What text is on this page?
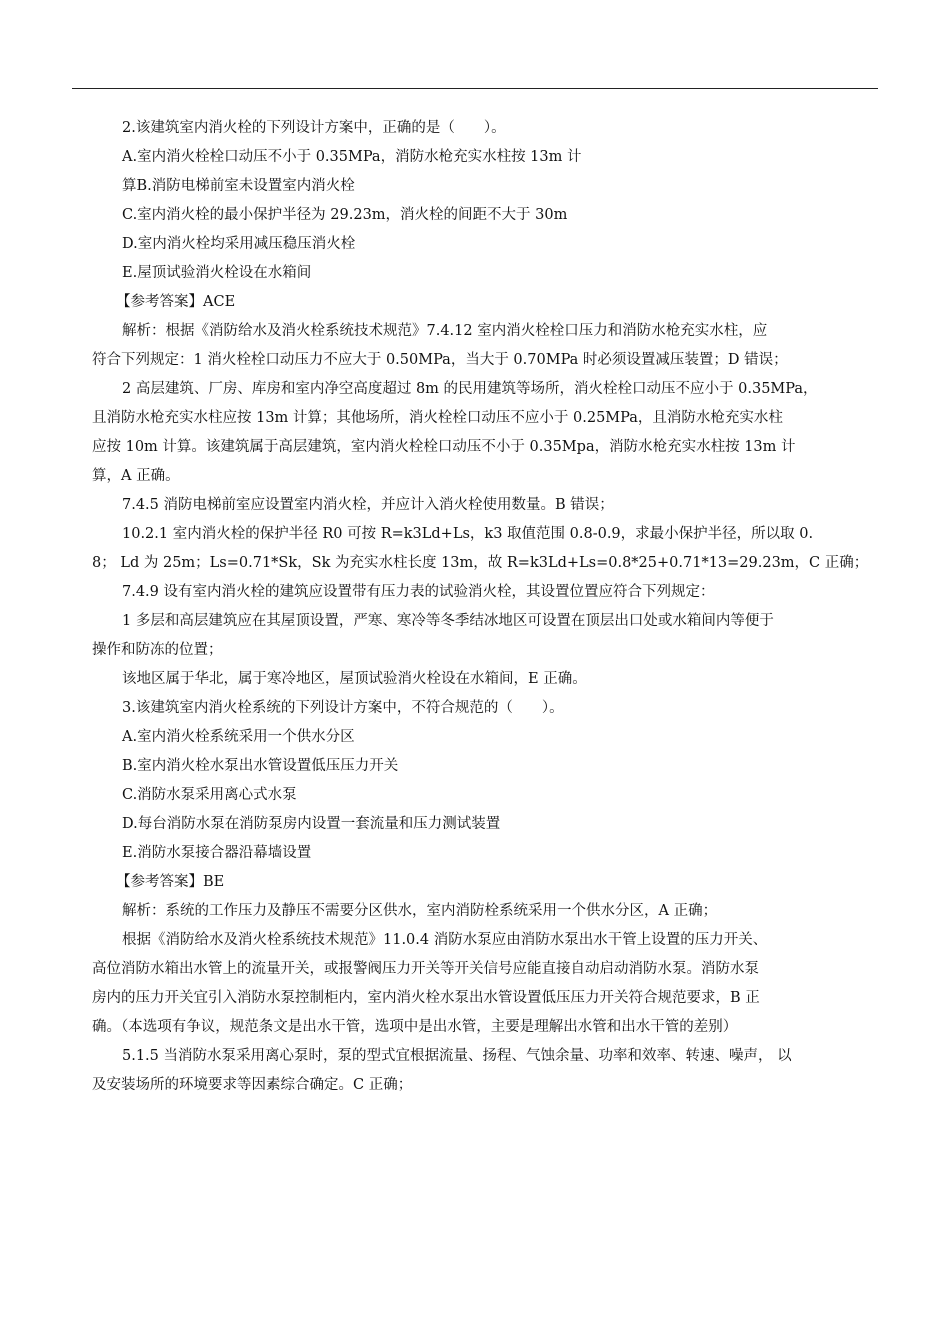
2.该建筑室内消火栓的下列设计方案中，正确的是（　　）。
A.室内消火栓栓口动压不小于 0.35MPa，消防水枪充实水柱按 13m 计
算B.消防电梯前室未设置室内消火栓
C.室内消火栓的最小保护半径为 29.23m，消火栓的间距不大于 30m
D.室内消火栓均采用减压稳压消火栓
E.屋顶试验消火栓设在水箱间
【参考答案】ACE
解析：根据《消防给水及消火栓系统技术规范》7.4.12 室内消火栓栓口压力和消防水枪充实水柱，应
符合下列规定：1 消火栓栓口动压力不应大于 0.50MPa，当大于 0.70MPa 时必须设置减压装置；D 错误；
2 高层建筑、厂房、库房和室内净空高度超过 8m 的民用建筑等场所，消火栓栓口动压不应小于 0.35MPa，
且消防水枪充实水柱应按 13m 计算；其他场所，消火栓栓口动压不应小于 0.25MPa，且消防水枪充实水柱
应按 10m 计算。该建筑属于高层建筑，室内消火栓栓口动压不小于 0.35Mpa，消防水枪充实水柱按 13m 计
算，A 正确。
7.4.5 消防电梯前室应设置室内消火栓，并应计入消火栓使用数量。B 错误；
10.2.1 室内消火栓的保护半径 R0 可按 R=k3Ld+Ls，k3 取值范围 0.8-0.9，求最小保护半径，所以取 0.
8； Ld 为 25m；Ls=0.71*Sk，Sk 为充实水柱长度 13m，故 R=k3Ld+Ls=0.8*25+0.71*13=29.23m，C 正确；
7.4.9 设有室内消火栓的建筑应设置带有压力表的试验消火栓，其设置位置应符合下列规定：
1 多层和高层建筑应在其屋顶设置，严寒、寒冷等冬季结冰地区可设置在顶层出口处或水箱间内等便于
操作和防冻的位置；
该地区属于华北，属于寒冷地区，屋顶试验消火栓设在水箱间，E 正确。
3.该建筑室内消火栓系统的下列设计方案中，不符合规范的（　　）。
A.室内消火栓系统采用一个供水分区
B.室内消火栓水泵出水管设置低压压力开关
C.消防水泵采用离心式水泵
D.每台消防水泵在消防泵房内设置一套流量和压力测试装置
E.消防水泵接合器沿幕墙设置
【参考答案】BE
解析：系统的工作压力及静压不需要分区供水，室内消防栓系统采用一个供水分区，A 正确；
根据《消防给水及消火栓系统技术规范》11.0.4 消防水泵应由消防水泵出水干管上设置的压力开关、
高位消防水箱出水管上的流量开关，或报警阀压力开关等开关信号应能直接自动启动消防水泵。消防水泵
房内的压力开关宜引入消防水泵控制柜内，室内消火栓水泵出水管设置低压压力开关符合规范要求，B 正
确。（本选项有争议，规范条文是出水干管，选项中是出水管，主要是理解出水管和出水干管的差别）
5.1.5 当消防水泵采用离心泵时，泵的型式宜根据流量、扬程、气蚀余量、功率和效率、转速、噪声， 以
及安装场所的环境要求等因素综合确定。C 正确；
